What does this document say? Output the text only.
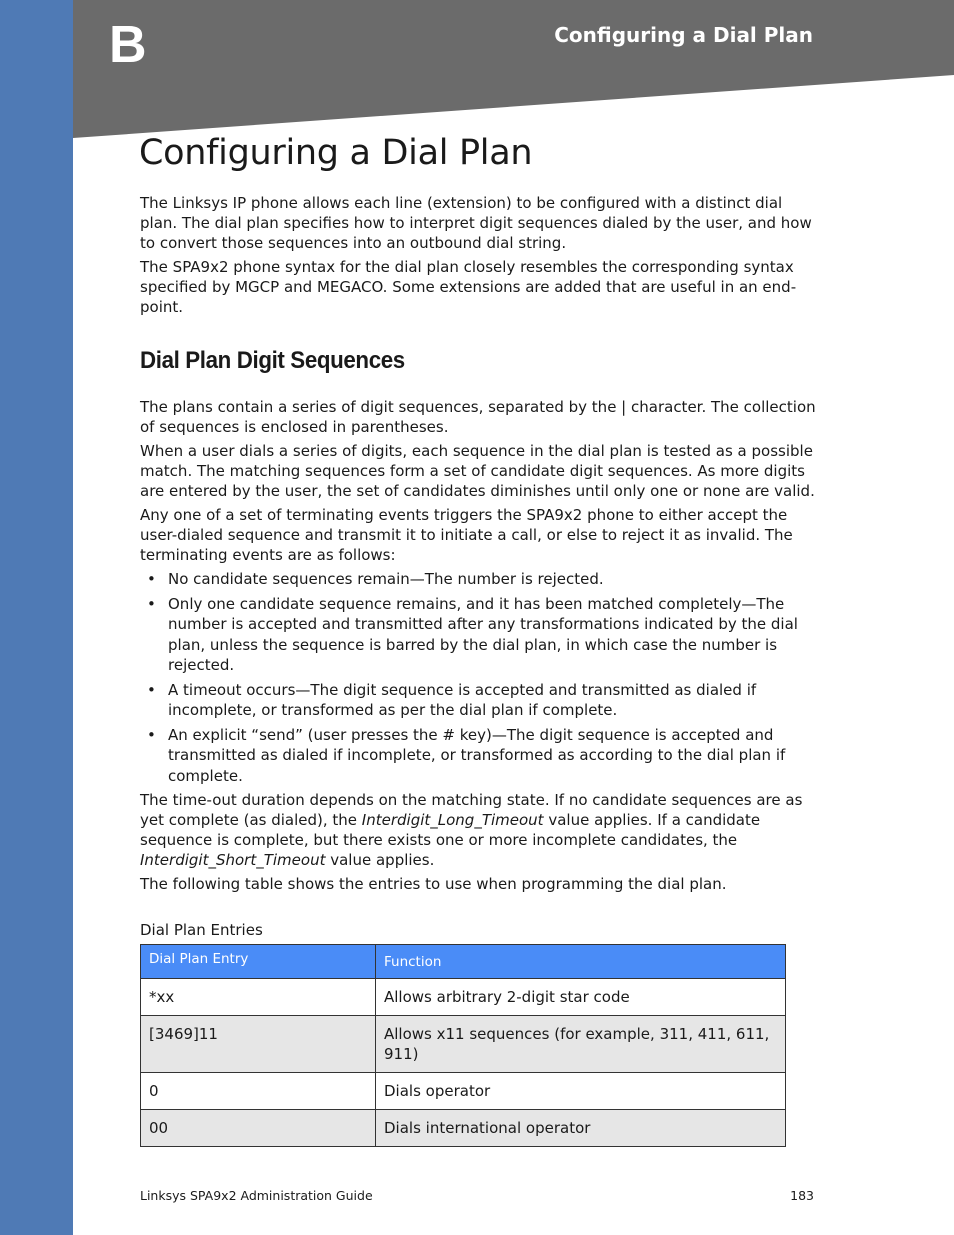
B	Configuring a Dial Plan
Configuring a Dial Plan

The Linksys IP phone allows each line (extension) to be configured with a distinct dial plan. The dial plan specifies how to interpret digit sequences dialed by the user, and how to convert those sequences into an outbound dial string.

The SPA9x2 phone syntax for the dial plan closely resembles the corresponding syntax specified by MGCP and MEGACO. Some extensions are added that are useful in an end-point.

Dial Plan Digit Sequences

The plans contain a series of digit sequences, separated by the | character. The collection of sequences is enclosed in parentheses.

When a user dials a series of digits, each sequence in the dial plan is tested as a possible match. The matching sequences form a set of candidate digit sequences. As more digits are entered by the user, the set of candidates diminishes until only one or none are valid.

Any one of a set of terminating events triggers the SPA9x2 phone to either accept the user-dialed sequence and transmit it to initiate a call, or else to reject it as invalid. The terminating events are as follows:

• No candidate sequences remain—The number is rejected.
• Only one candidate sequence remains, and it has been matched completely—The number is accepted and transmitted after any transformations indicated by the dial plan, unless the sequence is barred by the dial plan, in which case the number is rejected.
• A timeout occurs—The digit sequence is accepted and transmitted as dialed if incomplete, or transformed as per the dial plan if complete.
• An explicit “send” (user presses the # key)—The digit sequence is accepted and transmitted as dialed if incomplete, or transformed as according to the dial plan if complete.

The time-out duration depends on the matching state. If no candidate sequences are as yet complete (as dialed), the Interdigit_Long_Timeout value applies. If a candidate sequence is complete, but there exists one or more incomplete candidates, the Interdigit_Short_Timeout value applies.

The following table shows the entries to use when programming the dial plan.

Dial Plan Entries

Dial Plan Entry	Function
*xx	Allows arbitrary 2-digit star code
[3469]11	Allows x11 sequences (for example, 311, 411, 611, 911)
0	Dials operator
00	Dials international operator
Linksys SPA9x2 Administration Guide	183
